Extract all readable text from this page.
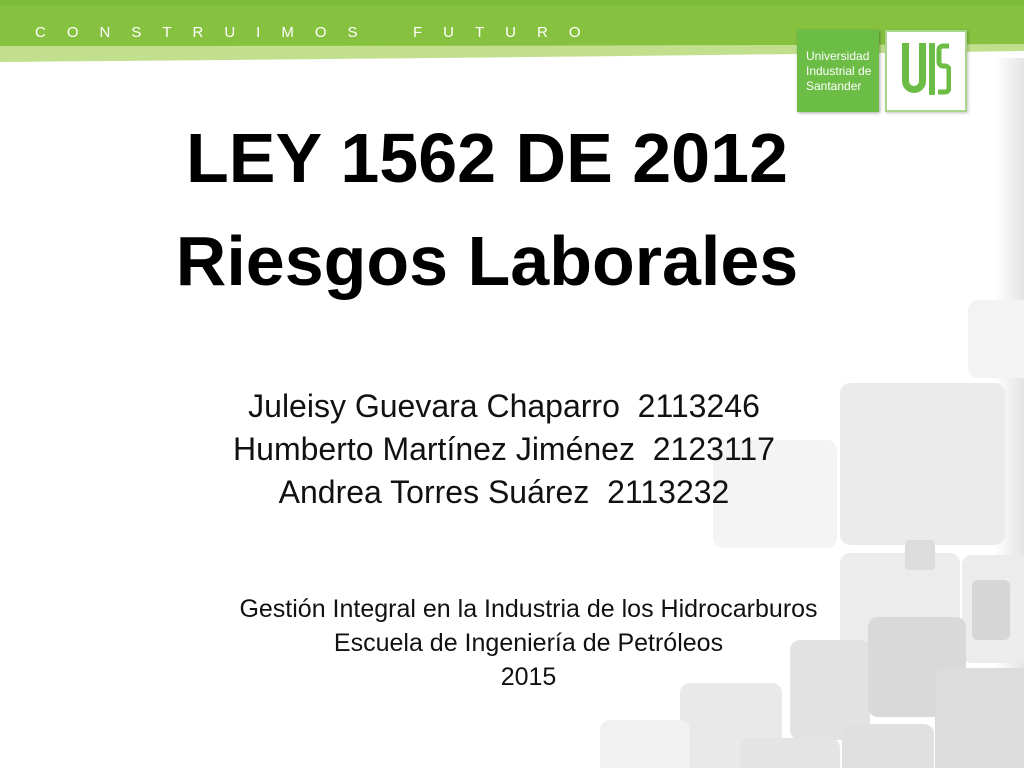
CONSTRUIMOS FUTURO
Universidad
Industrial de
Santander
LEY 1562 DE 2012
Riesgos Laborales
Juleisy Guevara Chaparro 2113246
Humberto Martínez Jiménez 2123117
Andrea Torres Suárez 2113232
Gestión Integral en la Industria de los Hidrocarburos
Escuela de Ingeniería de Petróleos
2015
